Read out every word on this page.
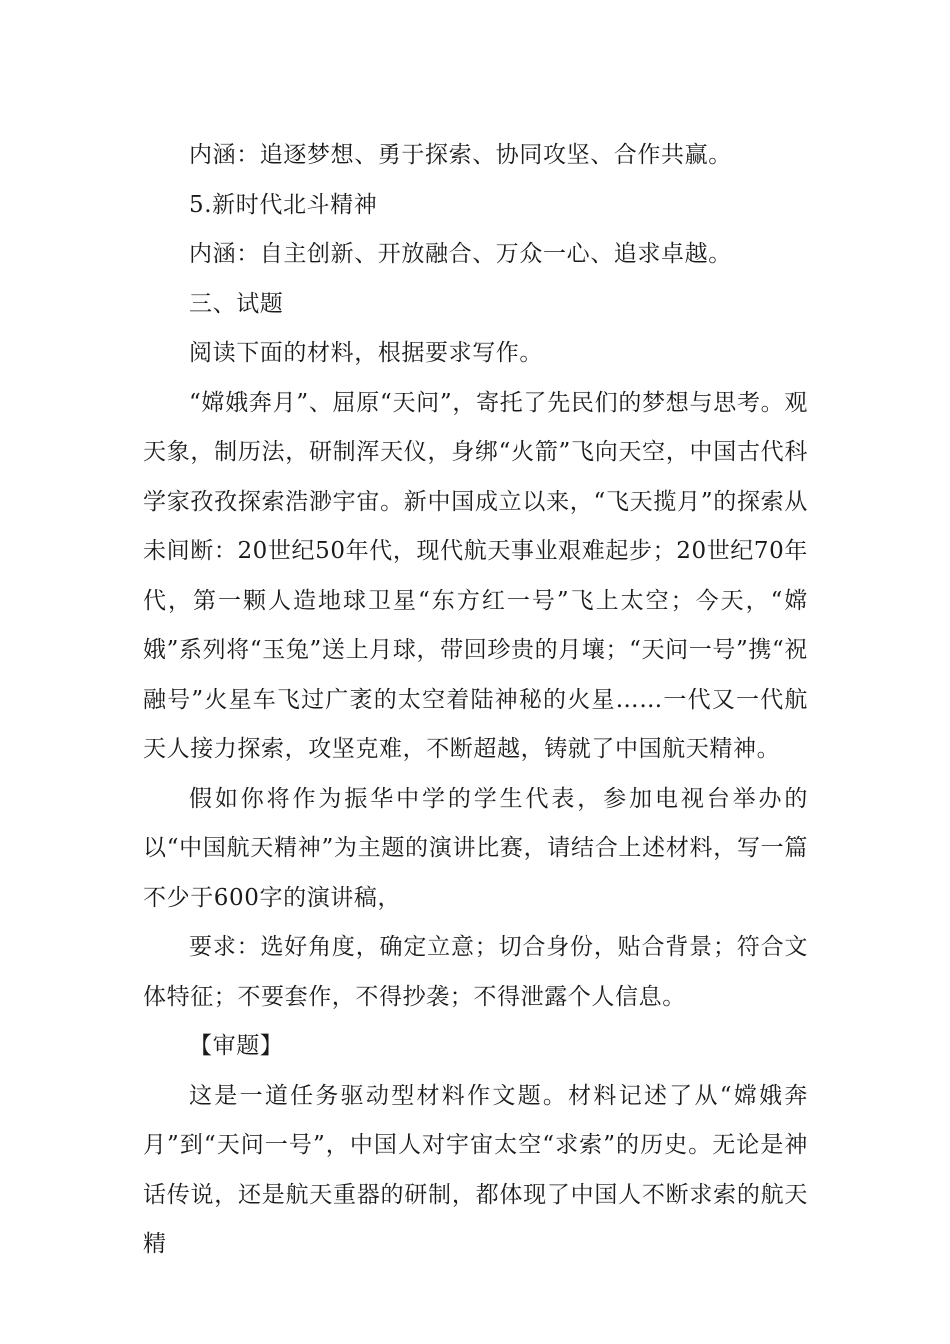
内涵：追逐梦想、勇于探索、协同攻坚、合作共赢。

5.新时代北斗精神

内涵：自主创新、开放融合、万众一心、追求卓越。

三、试题

阅读下面的材料，根据要求写作。

“嫦娥奔月”、屈原“天问”，寄托了先民们的梦想与思考。观天象，制历法，研制浑天仪，身绑“火箭”飞向天空，中国古代科学家孜孜探索浩渺宇宙。新中国成立以来，“飞天揽月”的探索从未间断：20世纪50年代，现代航天事业艰难起步；20世纪70年代，第一颗人造地球卫星“东方红一号”飞上太空；今天，“嫦娥”系列将“玉兔”送上月球，带回珍贵的月壤；“天问一号”携“祝融号”火星车飞过广袤的太空着陆神秘的火星……一代又一代航天人接力探索，攻坚克难，不断超越，铸就了中国航天精神。

假如你将作为振华中学的学生代表，参加电视台举办的以“中国航天精神”为主题的演讲比赛，请结合上述材料，写一篇不少于600字的演讲稿，

要求：选好角度，确定立意；切合身份，贴合背景；符合文体特征；不要套作，不得抄袭；不得泄露个人信息。

【审题】

这是一道任务驱动型材料作文题。材料记述了从“嫦娥奔月”到“天问一号”，中国人对宇宙太空“求索”的历史。无论是神话传说，还是航天重器的研制，都体现了中国人不断求索的航天精
